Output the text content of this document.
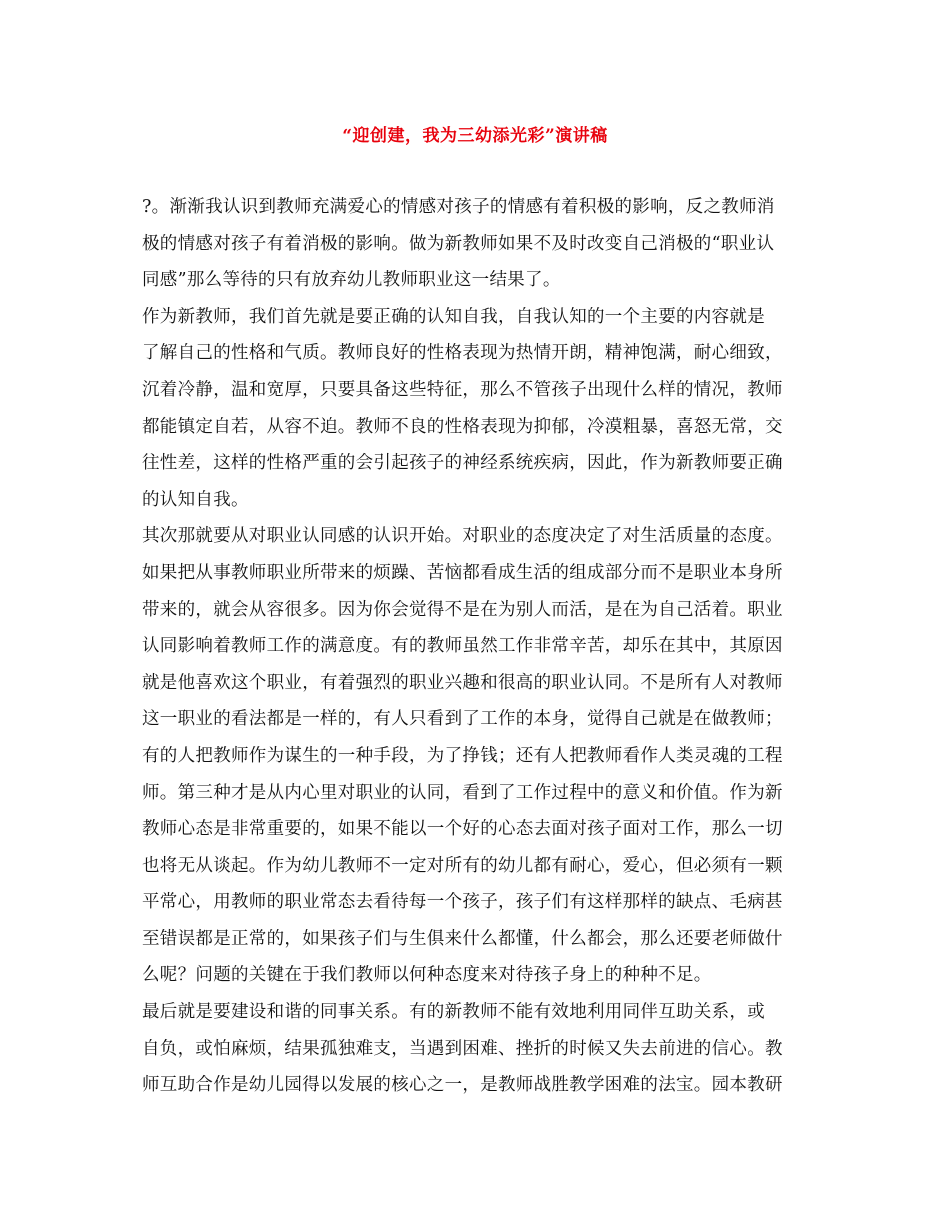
“迎创建，我为三幼添光彩”演讲稿
?。渐渐我认识到教师充满爱心的情感对孩子的情感有着积极的影响，反之教师消
极的情感对孩子有着消极的影响。做为新教师如果不及时改变自己消极的“职业认
同感”那么等待的只有放弃幼儿教师职业这一结果了。
作为新教师，我们首先就是要正确的认知自我，自我认知的一个主要的内容就是
了解自己的性格和气质。教师良好的性格表现为热情开朗，精神饱满，耐心细致，
沉着冷静，温和宽厚，只要具备这些特征，那么不管孩子出现什么样的情况，教师
都能镇定自若，从容不迫。教师不良的性格表现为抑郁，冷漠粗暴，喜怒无常，交
往性差，这样的性格严重的会引起孩子的神经系统疾病，因此，作为新教师要正确
的认知自我。
其次那就要从对职业认同感的认识开始。对职业的态度决定了对生活质量的态度。
如果把从事教师职业所带来的烦躁、苦恼都看成生活的组成部分而不是职业本身所
带来的，就会从容很多。因为你会觉得不是在为别人而活，是在为自己活着。职业
认同影响着教师工作的满意度。有的教师虽然工作非常辛苦，却乐在其中，其原因
就是他喜欢这个职业，有着强烈的职业兴趣和很高的职业认同。不是所有人对教师
这一职业的看法都是一样的，有人只看到了工作的本身，觉得自己就是在做教师；
有的人把教师作为谋生的一种手段，为了挣钱；还有人把教师看作人类灵魂的工程
师。第三种才是从内心里对职业的认同，看到了工作过程中的意义和价值。作为新
教师心态是非常重要的，如果不能以一个好的心态去面对孩子面对工作，那么一切
也将无从谈起。作为幼儿教师不一定对所有的幼儿都有耐心，爱心，但必须有一颗
平常心，用教师的职业常态去看待每一个孩子，孩子们有这样那样的缺点、毛病甚
至错误都是正常的，如果孩子们与生俱来什么都懂，什么都会，那么还要老师做什
么呢？问题的关键在于我们教师以何种态度来对待孩子身上的种种不足。
最后就是要建设和谐的同事关系。有的新教师不能有效地利用同伴互助关系，或
自负，或怕麻烦，结果孤独难支，当遇到困难、挫折的时候又失去前进的信心。教
师互助合作是幼儿园得以发展的核心之一，是教师战胜教学困难的法宝。园本教研
